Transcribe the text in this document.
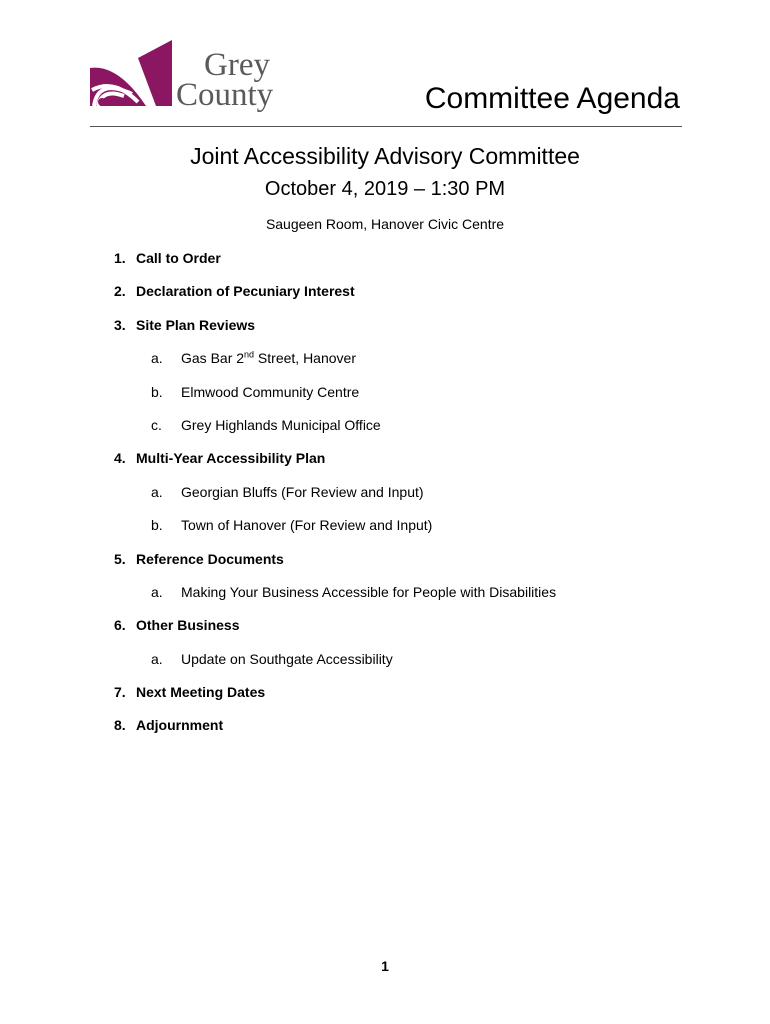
Grey
County	Committee Agenda
Joint Accessibility Advisory Committee
October 4, 2019 – 1:30 PM
Saugeen Room, Hanover Civic Centre
1. Call to Order
2. Declaration of Pecuniary Interest
3. Site Plan Reviews
a. Gas Bar 2nd Street, Hanover
b. Elmwood Community Centre
c. Grey Highlands Municipal Office
4. Multi-Year Accessibility Plan
a. Georgian Bluffs (For Review and Input)
b. Town of Hanover (For Review and Input)
5. Reference Documents
a. Making Your Business Accessible for People with Disabilities
6. Other Business
a. Update on Southgate Accessibility
7. Next Meeting Dates
8. Adjournment
1
